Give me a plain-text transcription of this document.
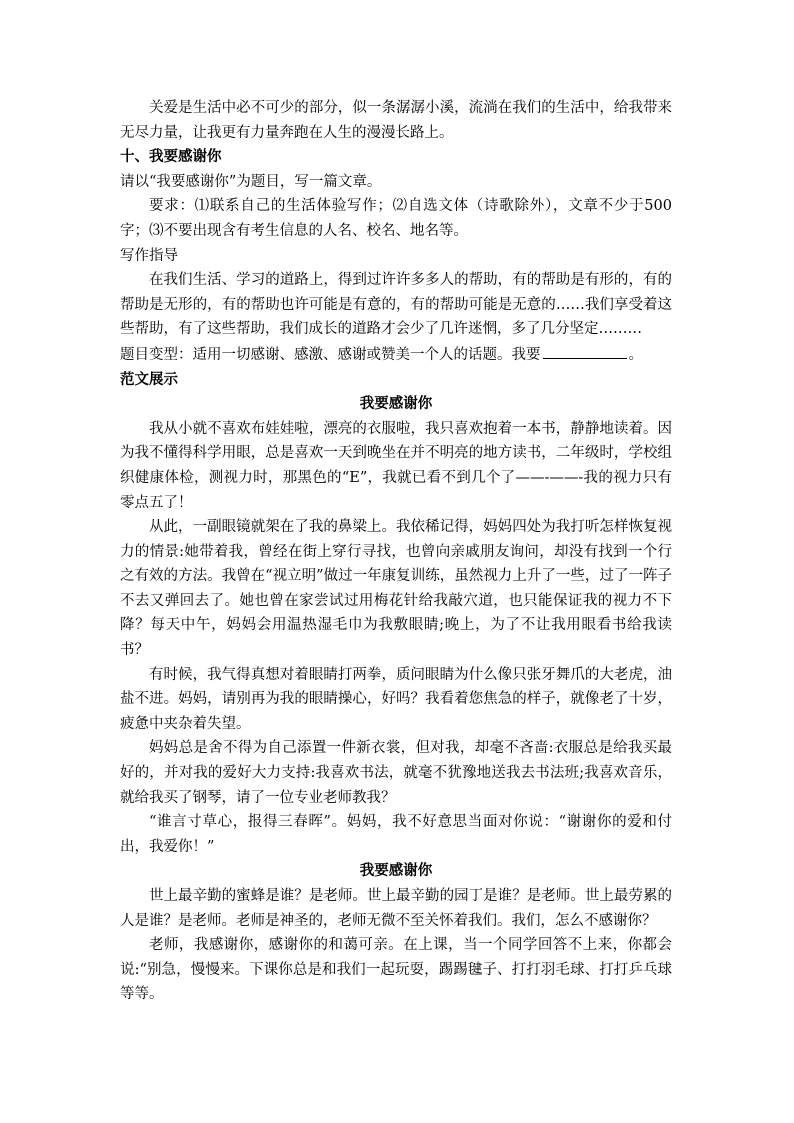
关爱是生活中必不可少的部分，似一条潺潺小溪，流淌在我们的生活中，给我带来无尽力量，让我更有力量奔跑在人生的漫漫长路上。

十、我要感谢你

请以“我要感谢你”为题目，写一篇文章。

要求：⑴联系自己的生活体验写作；⑵自选文体（诗歌除外），文章不少于500字；⑶不要出现含有考生信息的人名、校名、地名等。

写作指导

在我们生活、学习的道路上，得到过许许多多人的帮助，有的帮助是有形的，有的帮助是无形的，有的帮助也许可能是有意的，有的帮助可能是无意的……我们享受着这些帮助，有了这些帮助，我们成长的道路才会少了几许迷惘，多了几分坚定………

题目变型：适用一切感谢、感激、感谢或赞美一个人的话题。我要	。

范文展示

我要感谢你

我从小就不喜欢布娃娃啦，漂亮的衣服啦，我只喜欢抱着一本书，静静地读着。因为我不懂得科学用眼，总是喜欢一天到晚坐在并不明亮的地方读书，二年级时，学校组织健康体检，测视力时，那黑色的“E”，我就已看不到几个了——-——-我的视力只有零点五了！

从此，一副眼镜就架在了我的鼻梁上。我依稀记得，妈妈四处为我打听怎样恢复视力的情景:她带着我，曾经在街上穿行寻找，也曾向亲戚朋友询问，却没有找到一个行之有效的方法。我曾在“视立明”做过一年康复训练，虽然视力上升了一些，过了一阵子不去又弹回去了。她也曾在家尝试过用梅花针给我敲穴道，也只能保证我的视力不下降？每天中午，妈妈会用温热湿毛巾为我敷眼睛;晚上，为了不让我用眼看书给我读书？

有时候，我气得真想对着眼睛打两拳，质问眼睛为什么像只张牙舞爪的大老虎，油盐不进。妈妈，请别再为我的眼睛操心，好吗？我看着您焦急的样子，就像老了十岁，疲惫中夹杂着失望。

妈妈总是舍不得为自己添置一件新衣裳，但对我，却毫不吝啬:衣服总是给我买最好的，并对我的爱好大力支持:我喜欢书法，就毫不犹豫地送我去书法班;我喜欢音乐，就给我买了钢琴，请了一位专业老师教我？

“谁言寸草心，报得三春晖”。妈妈，我不好意思当面对你说：“谢谢你的爱和付出，我爱你！”

我要感谢你

世上最辛勤的蜜蜂是谁？是老师。世上最辛勤的园丁是谁？是老师。世上最劳累的人是谁？是老师。老师是神圣的，老师无微不至关怀着我们。我们，怎么不感谢你？

老师，我感谢你，感谢你的和蔼可亲。在上课，当一个同学回答不上来，你都会说:“别急，慢慢来。下课你总是和我们一起玩耍，踢踢毽子、打打羽毛球、打打乒乓球等等。
